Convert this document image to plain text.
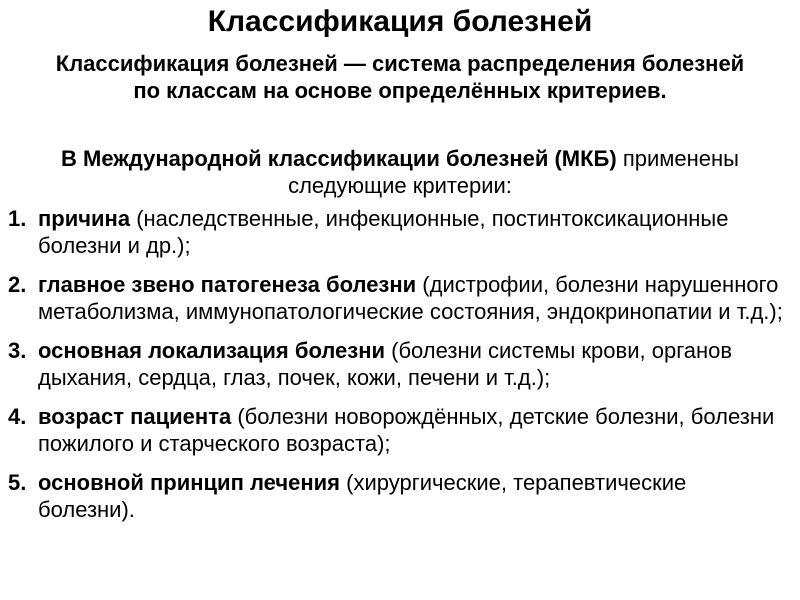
Классификация болезней

Классификация болезней — система распределения болезней по классам на основе определённых критериев.

В Международной классификации болезней (МКБ) применены следующие критерии:

1. причина (наследственные, инфекционные, постинтоксикационные болезни и др.);
2. главное звено патогенеза болезни (дистрофии, болезни нарушенного метаболизма, иммунопатологические состояния, эндокринопатии и т.д.);
3. основная локализация болезни (болезни системы крови, органов дыхания, сердца, глаз, почек, кожи, печени и т.д.);
4. возраст пациента (болезни новорождённых, детские болезни, болезни пожилого и старческого возраста);
5. основной принцип лечения (хирургические, терапевтические болезни).
